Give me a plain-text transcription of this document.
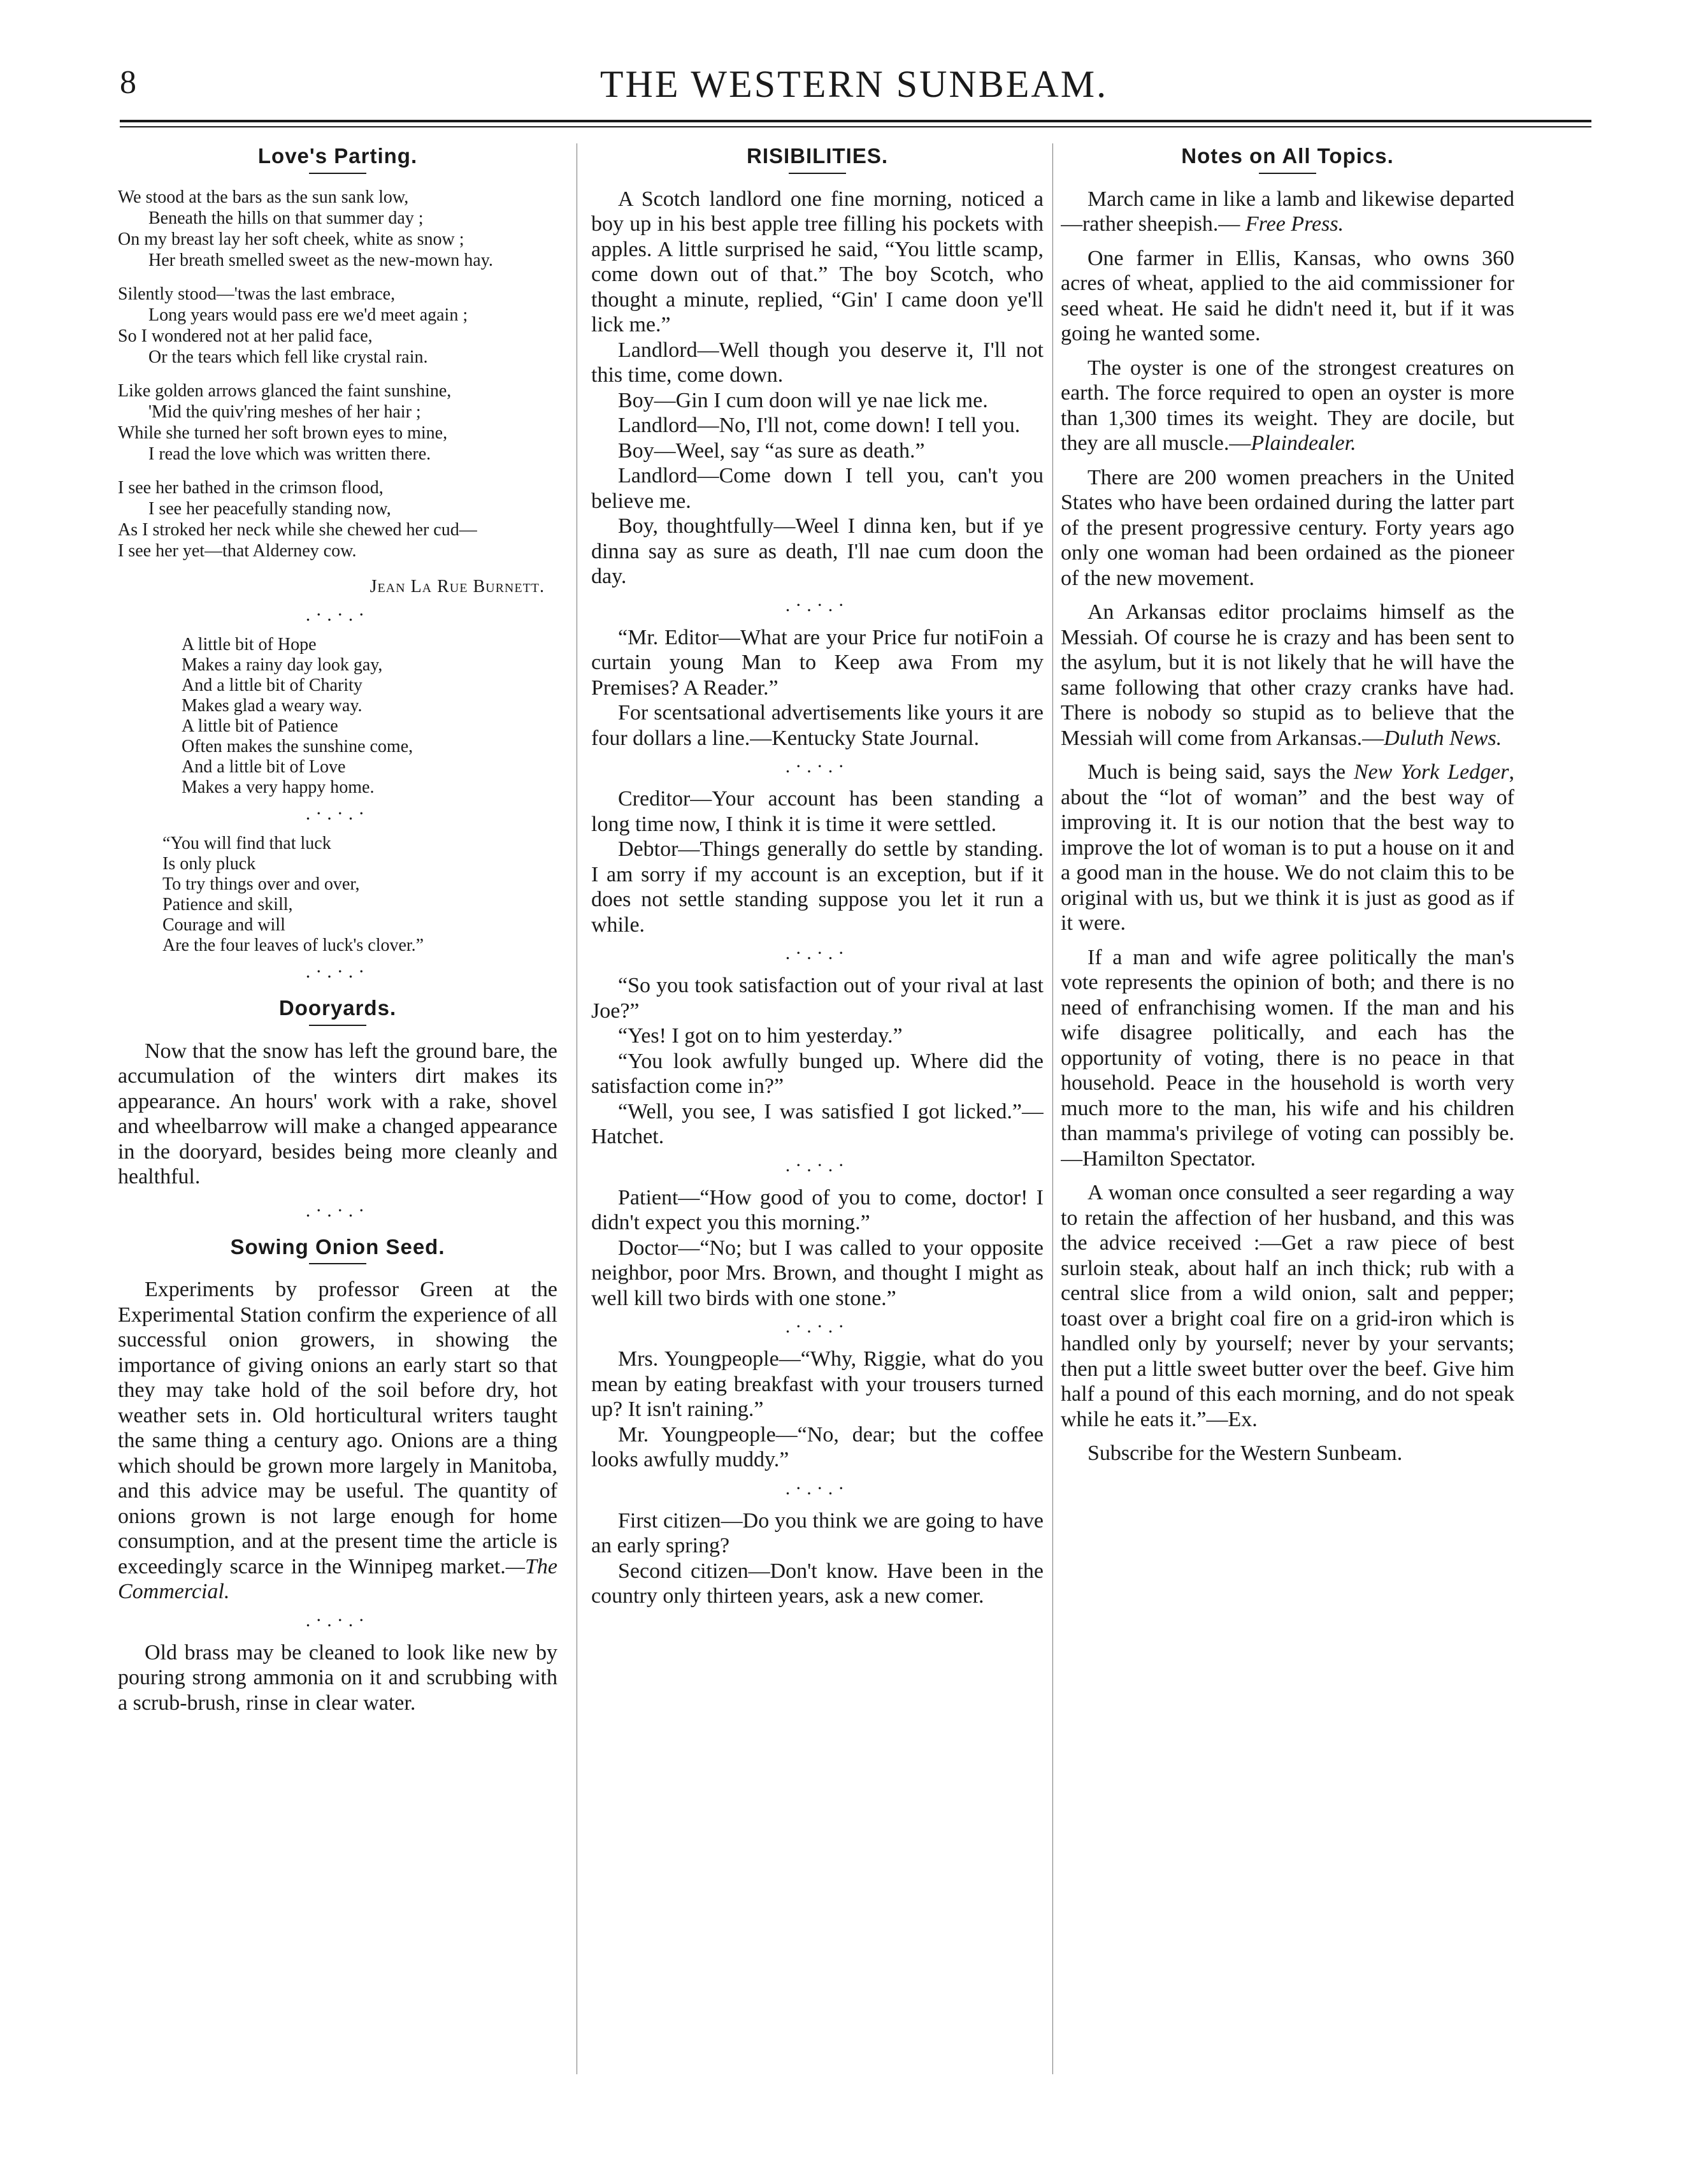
8	THE WESTERN SUNBEAM.
Love's Parting.
We stood at the bars as the sun sank low,
Beneath the hills on that summer day ;
On my breast lay her soft cheek, white as snow ;
Her breath smelled sweet as the new-mown hay.
Silently stood—'twas the last embrace,
Long years would pass ere we'd meet again ;
So I wondered not at her palid face,
Or the tears which fell like crystal rain.
Like golden arrows glanced the faint sunshine,
'Mid the quiv'ring meshes of her hair ;
While she turned her soft brown eyes to mine,
I read the love which was written there.
I see her bathed in the crimson flood,
I see her peacefully standing now,
As I stroked her neck while she chewed her cud—
I see her yet—that Alderney cow.
Jean La Rue Burnett.
.·.·.·
A little bit of Hope
Makes a rainy day look gay,
And a little bit of Charity
Makes glad a weary way.
A little bit of Patience
Often makes the sunshine come,
And a little bit of Love
Makes a very happy home.
.·.·.·
“You will find that luck
Is only pluck
To try things over and over,
Patience and skill,
Courage and will
Are the four leaves of luck's clover.”
.·.·.·
Dooryards.

Now that the snow has left the ground bare, the accumulation of the winters dirt makes its appearance. An hours' work with a rake, shovel and wheelbarrow will make a changed appearance in the dooryard, besides being more cleanly and healthful.

.·.·.·
Sowing Onion Seed.

Experiments by professor Green at the Experimental Station confirm the experience of all successful onion growers, in showing the importance of giving onions an early start so that they may take hold of the soil before dry, hot weather sets in. Old horticultural writers taught the same thing a century ago. Onions are a thing which should be grown more largely in Manitoba, and this advice may be useful. The quantity of onions grown is not large enough for home consumption, and at the present time the article is exceedingly scarce in the Winnipeg market.—The Commercial.

.·.·.·

Old brass may be cleaned to look like new by pouring strong ammonia on it and scrubbing with a scrub-brush, rinse in clear water.

RISIBILITIES.

A Scotch landlord one fine morning, noticed a boy up in his best apple tree filling his pockets with apples. A little surprised he said, “You little scamp, come down out of that.” The boy Scotch, who thought a minute, replied, “Gin' I came doon ye'll lick me.”

Landlord—Well though you deserve it, I'll not this time, come down.

Boy—Gin I cum doon will ye nae lick me.

Landlord—No, I'll not, come down! I tell you.

Boy—Weel, say “as sure as death.”

Landlord—Come down I tell you, can't you believe me.

Boy, thoughtfully—Weel I dinna ken, but if ye dinna say as sure as death, I'll nae cum doon the day.

.·.·.·

“Mr. Editor—What are your Price fur notiFoin a curtain young Man to Keep awa From my Premises? A Reader.”

For scentsational advertisements like yours it are four dollars a line.—Kentucky State Journal.

.·.·.·

Creditor—Your account has been standing a long time now, I think it is time it were settled.

Debtor—Things generally do settle by standing. I am sorry if my account is an exception, but if it does not settle standing suppose you let it run a while.

.·.·.·

“So you took satisfaction out of your rival at last Joe?”

“Yes! I got on to him yesterday.”

“You look awfully bunged up. Where did the satisfaction come in?”

“Well, you see, I was satisfied I got licked.”—Hatchet.

.·.·.·

Patient—“How good of you to come, doctor! I didn't expect you this morning.”

Doctor—“No; but I was called to your opposite neighbor, poor Mrs. Brown, and thought I might as well kill two birds with one stone.”

.·.·.·

Mrs. Youngpeople—“Why, Riggie, what do you mean by eating breakfast with your trousers turned up? It isn't raining.”

Mr. Youngpeople—“No, dear; but the coffee looks awfully muddy.”

.·.·.·

First citizen—Do you think we are going to have an early spring?

Second citizen—Don't know. Have been in the country only thirteen years, ask a new comer.

Notes on All Topics.

March came in like a lamb and likewise departed—rather sheepish.— Free Press.

One farmer in Ellis, Kansas, who owns 360 acres of wheat, applied to the aid commissioner for seed wheat. He said he didn't need it, but if it was going he wanted some.

The oyster is one of the strongest creatures on earth. The force required to open an oyster is more than 1,300 times its weight. They are docile, but they are all muscle.—Plaindealer.

There are 200 women preachers in the United States who have been ordained during the latter part of the present progressive century. Forty years ago only one woman had been ordained as the pioneer of the new movement.

An Arkansas editor proclaims himself as the Messiah. Of course he is crazy and has been sent to the asylum, but it is not likely that he will have the same following that other crazy cranks have had. There is nobody so stupid as to believe that the Messiah will come from Arkansas.—Duluth News.

Much is being said, says the New York Ledger, about the “lot of woman” and the best way of improving it. It is our notion that the best way to improve the lot of woman is to put a house on it and a good man in the house. We do not claim this to be original with us, but we think it is just as good as if it were.

If a man and wife agree politically the man's vote represents the opinion of both; and there is no need of enfranchising women. If the man and his wife disagree politically, and each has the opportunity of voting, there is no peace in that household. Peace in the household is worth very much more to the man, his wife and his children than mamma's privilege of voting can possibly be.—Hamilton Spectator.

A woman once consulted a seer regarding a way to retain the affection of her husband, and this was the advice received :—Get a raw piece of best surloin steak, about half an inch thick; rub with a central slice from a wild onion, salt and pepper; toast over a bright coal fire on a grid-iron which is handled only by yourself; never by your servants; then put a little sweet butter over the beef. Give him half a pound of this each morning, and do not speak while he eats it.”—Ex.

Subscribe for the Western Sunbeam.
